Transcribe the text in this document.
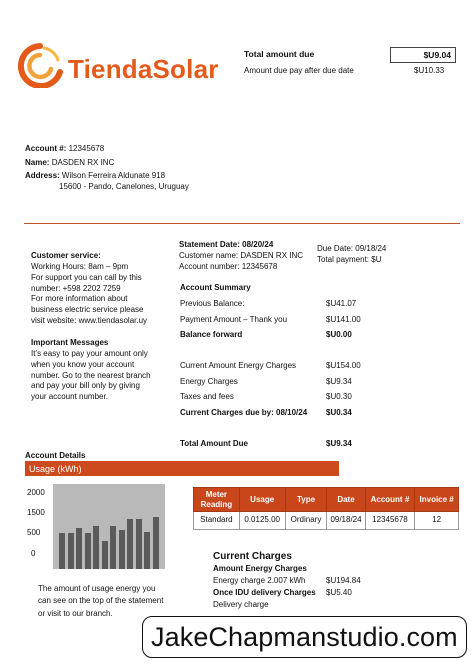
TiendaSolar	Total amount due	$U9.04
Amount due pay after due date	$U10.33
Account #: 12345678
Name: DASDEN RX INC
Address: Wilson Ferreira Aldunate 918
15600 - Pando, Canelones, Uruguay
Customer service:
Working Hours: 8am – 9pm
For support you can call by this
number: +598 2202 7259
For more information about
business electric service please
visit website: www.tiendasolar.uy
Important Messages
It’s easy to pay your amount only
when you know your account
number. Go to the nearest branch
and pay your bill only by giving
your account number.
Statement Date: 08/20/24
Customer name: DASDEN RX INC
Account number: 12345678
Due Date: 09/18/24
Total payment: $U
Account Summary
Previous Balance:	$U41.07
Payment Amount – Thank you	$U141.00
Balance forward	$U0.00
Current Amount Energy Charges	$U154.00
Energy Charges	$U9.34
Taxes and fees	$U0.30
Current Charges due by: 08/10/24 $U0.34
Total Amount Due	$U9.34
Account Details
Usage (kWh)
2000
1500
500
0
The amount of usage energy you
can see on the top of the statement
or visit to our branch.
Meter Reading	Usage	Type	Date	Account #	Invoice #
Standard	0.0125.00	Ordinary	09/18/24	12345678	12
Current Charges
Amount Energy Charges
Energy charge 2.007 kWh	$U194.84
Once IDU delivery Charges $U5.40
Delivery charge
JakeChapmanstudio.com
